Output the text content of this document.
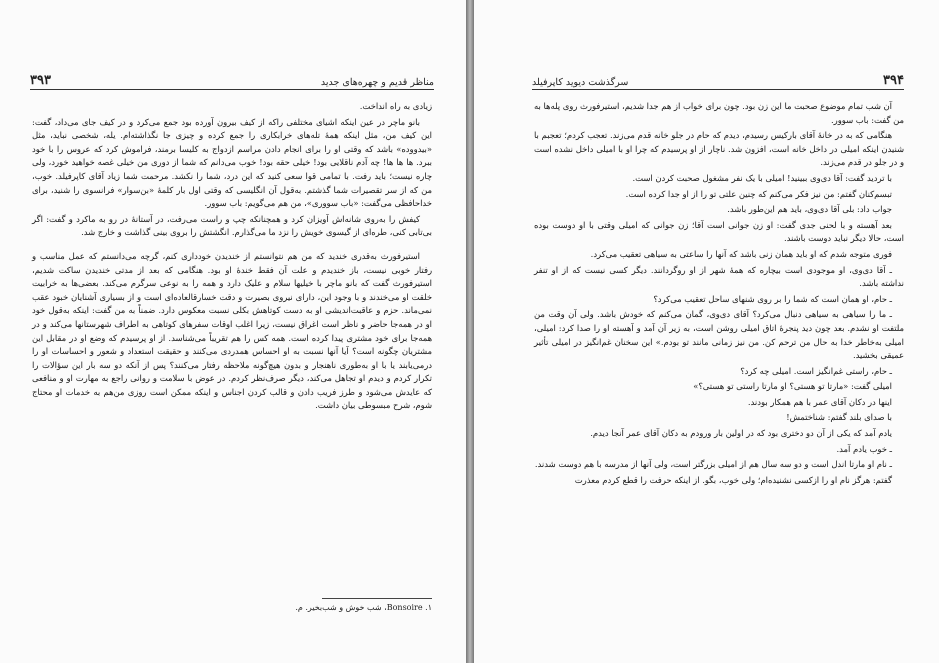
مناظر قدیم و چهره‌های جدید
۳۹۳

زیادی به راه انداخت.

بانو ماچر در عین اینکه اشیای مختلفی راکه از کیف بیرون آورده بود جمع می‌کرد و در کیف جای می‌داد، گفت: این کیف من، مثل اینکه همهٔ تله‌های خرابکاری را جمع کرده و چیزی جا نگذاشته‌ام. یله، شخصی نباید، مثل «بیدووده» باشد که وقتی او را برای انجام دادن مراسم ازدواج به کلیسا برمند، فراموش کرد که عروس را با خود ببرد. ها ها ها! چه آدم ناقلایی بود! خیلی حقه بود! خوب می‌دانم که شما از دوری من خیلی غصه خواهید خورد، ولی چاره نیست؛ باید رفت. با تمامی قوا سعی کنید که این درد، شما را نکشد. مرحمت شما زیاد آقای کاپرفیلد. خوب، من که از سر تقصیرات شما گذشتم. به‌قول آن انگلیسی که وقتی اول بار کلمهٔ «بن‌سوار» فرانسوی را شنید، برای خداحافظی می‌گفت: «باب سووری»، من هم می‌گویم: باب سوور.

کیفش را به‌روی شانه‌اش آویزان کرد و همچنانکه چپ و راست می‌رفت، در آستانهٔ در رو به ماکرد و گفت: اگر بی‌تابی کنی، طره‌ای از گیسوی خویش را نزد ما می‌گذارم. انگشتش را بروی بینی گذاشت و خارج شد.

استیرفورث به‌قدری خندید که من هم نتوانستم از خندیدن خودداری کنم، گرچه می‌دانستم که عمل مناسب و رفتار خوبی نیست، باز خندیدم و علت آن فقط خندهٔ او بود. هنگامی که بعد از مدتی خندیدن ساکت شدیم، استیرفورث گفت که بانو ماچر با خیلیها سلام و علیک دارد و همه را به نوعی سرگرم می‌کند. بعضی‌ها به خرابیت خلقت او می‌خندند و با وجود این، دارای نیروی بصیرت و دقت خسارقالعاده‌ای است و از بسیاری آشنایان خبود عقب نمی‌ماند. حزم و عاقبت‌اندیشی او به دست کوتاهش بکلی نسبت معکوس دارد. ضمناً به من گفت: اینکه به‌قول خود او در همه‌جا حاضر و ناظر است اغراق نیست، زیرا اغلب اوقات سفرهای کوتاهی به اطراف شهرستانها می‌کند و در همه‌جا برای خود مشتری پیدا کرده است. همه کس را هم تقریباً می‌شناسد. از او پرسیدم که وضع او در مقابل این مشتریان چگونه است؟ آیا آنها نسبت به او احساس همدردی می‌کنند و حقیقت استعداد و شعور و احساسات او را درمی‌یابند یا با او به‌طوری ناهنجار و بدون هیچ‌گونه ملاحظه رفتار می‌کنند؟ پس از آنکه دو سه بار این سؤالات را تکرار کردم و دیدم او تجاهل می‌کند، دیگر صرف‌نظر کردم. در عوض با سلامت و روانی راجع به مهارت او و منافعی که عایدش می‌شود و طرز فریب دادن و قالب کردن اجناس و اینکه ممکن است روزی من‌هم به خدمات او محتاج شوم، شرح مبسوطی بیان داشت.

۱. Bonsoire، شب خوش و شب‌بخیر. م.
۳۹۴
سرگذشت دیوید کاپرفیلد

آن شب تمام موضوع صحبت ما این زن بود. چون برای خواب از هم جدا شدیم، استیرفورث روی پله‌ها به من گفت: باب سوور.

هنگامی که به در خانهٔ آقای بارکیس رسیدم، دیدم که حام در جلو خانه قدم می‌زند. تعجب کردم؛ تعجبم با شنیدن اینکه امیلی در داخل خانه است، افزون شد. ناچار از او پرسیدم که چرا او با امیلی داخل نشده است و در جلو در قدم می‌زند.

با تردید گفت: آقا دی‌وی ببینید! امیلی با یک نفر مشغول صحبت کردن است.

تبسم‌کنان گفتم: من نیز فکر می‌کنم که چنین علتی تو را از او جدا کرده است.

جواب داد: بلی آقا دی‌وی، باید هم این‌طور باشد.

بعد آهسته و با لحنی جدی گفت: او زن جوانی است آقا؛ زن جوانی که امیلی وقتی با او دوست بوده است، حالا دیگر نباید دوست باشند.

فوری متوجه شدم که او باید همان زنی باشد که آنها را ساعتی به سیاهی تعقیب می‌کرد.

ـ آقا دی‌وی، او موجودی است بیچاره که همهٔ شهر از او روگردانند. دیگر کسی نیست که از او تنفر نداشته باشد.

ـ حام، او همان است که شما را بر روی شنهای ساحل تعقیب می‌کرد؟

ـ ما را سیاهی به سیاهی دنبال می‌کرد؟ آقای دی‌وی، گمان می‌کنم که خودش باشد. ولی آن وقت من ملتفت او نشدم. بعد چون دید پنجرهٔ اتاق امیلی روشن است، به زیر آن آمد و آهسته او را صدا کرد: امیلی، امیلی به‌خاطر خدا به حال من ترحم کن. من نیز زمانی مانند تو بودم.» این سخنان غم‌انگیز در امیلی تأثیر عمیقی بخشید.

ـ حام، راستی غم‌انگیز است. امیلی چه کرد؟

امیلی گفت: «مارتا تو هستی؟ او مارتا راستی تو هستی؟»

اینها در دکان آقای عمر با هم همکار بودند.

با صدای بلند گفتم: شناختمش!

یادم آمد که یکی از آن دو دختری بود که در اولین بار ورودم به دکان آقای عمر آنجا دیدم.

ـ خوب یادم آمد.

ـ نام او مارتا اندل است و دو سه سال هم از امیلی بزرگتر است، ولی آنها از مدرسه با هم دوست شدند.

گفتم: هرگز نام او را ازکسی نشنیده‌ام؛ ولی خوب، بگو. از اینکه حرفت را قطع کردم معذرت
